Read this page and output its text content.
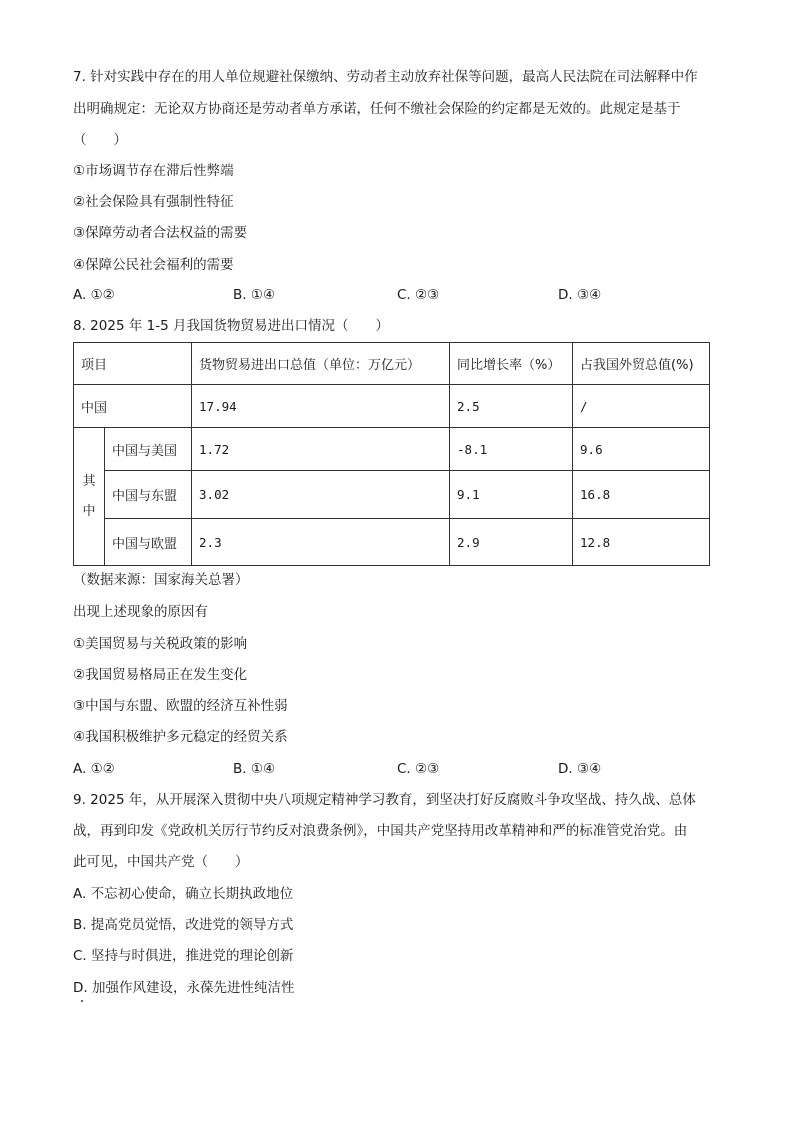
7. 针对实践中存在的用人单位规避社保缴纳、劳动者主动放弃社保等问题，最高人民法院在司法解释中作
出明确规定：无论双方协商还是劳动者单方承诺，任何不缴社会保险的约定都是无效的。此规定是基于
（　　）
①市场调节存在滞后性弊端
②社会保险具有强制性特征
③保障劳动者合法权益的需要
④保障公民社会福利的需要
A. ①②	B. ①④	C. ②③	D. ③④
8. 2025 年 1-5 月我国货物贸易进出口情况（　　）
项目		货物贸易进出口总值（单位：万亿元）	同比增长率（%）	占我国外贸总值(%)
中国		17.94	2.5	/

其
中	中国与美国	1.72	-8.1	9.6
	中国与东盟	3.02	9.1	16.8
	中国与欧盟	2.3	2.9	12.8
（数据来源：国家海关总署）
出现上述现象的原因有
①美国贸易与关税政策的影响
②我国贸易格局正在发生变化
③中国与东盟、欧盟的经济互补性弱
④我国积极维护多元稳定的经贸关系
A. ①②	B. ①④	C. ②③	D. ③④
9. 2025 年，从开展深入贯彻中央八项规定精神学习教育，到坚决打好反腐败斗争攻坚战、持久战、总体
战，再到印发《党政机关厉行节约反对浪费条例》，中国共产党坚持用改革精神和严的标准管党治党。由
此可见，中国共产党（　　）
A. 不忘初心使命，确立长期执政地位
B. 提高党员觉悟，改进党的领导方式
C. 坚持与时俱进，推进党的理论创新
D. 加强作风建设，永葆先进性纯洁性
